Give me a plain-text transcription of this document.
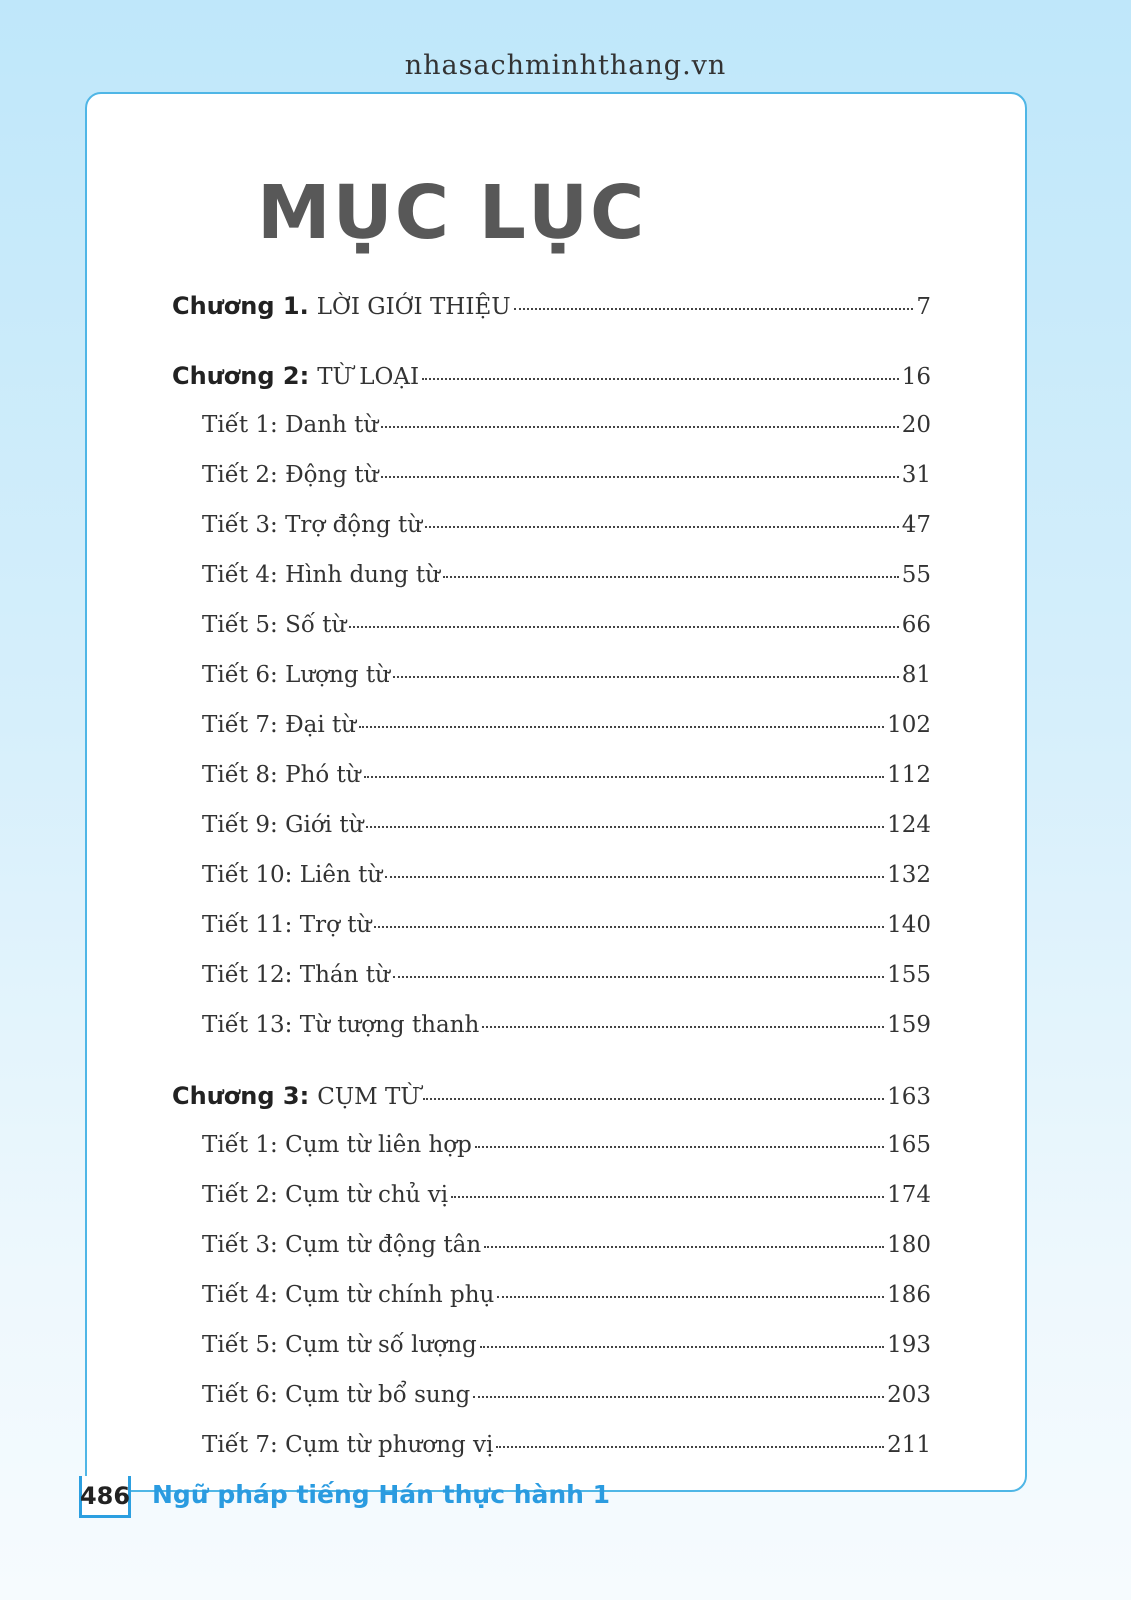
nhasachminhthang.vn
MỤC LỤC
Chương 1. LỜI GIỚI THIỆU	7
Chương 2: TỪ LOẠI	16
Tiết 1: Danh từ	20
Tiết 2: Động từ	31
Tiết 3: Trợ động từ	47
Tiết 4: Hình dung từ	55
Tiết 5: Số từ	66
Tiết 6: Lượng từ	81
Tiết 7: Đại từ	102
Tiết 8: Phó từ	112
Tiết 9: Giới từ	124
Tiết 10: Liên từ	132
Tiết 11: Trợ từ	140
Tiết 12: Thán từ	155
Tiết 13: Từ tượng thanh	159
Chương 3: CỤM TỪ	163
Tiết 1: Cụm từ liên hợp	165
Tiết 2: Cụm từ chủ vị	174
Tiết 3: Cụm từ động tân	180
Tiết 4: Cụm từ chính phụ	186
Tiết 5: Cụm từ số lượng	193
Tiết 6: Cụm từ bổ sung	203
Tiết 7: Cụm từ phương vị	211
486 Ngữ pháp tiếng Hán thực hành 1
